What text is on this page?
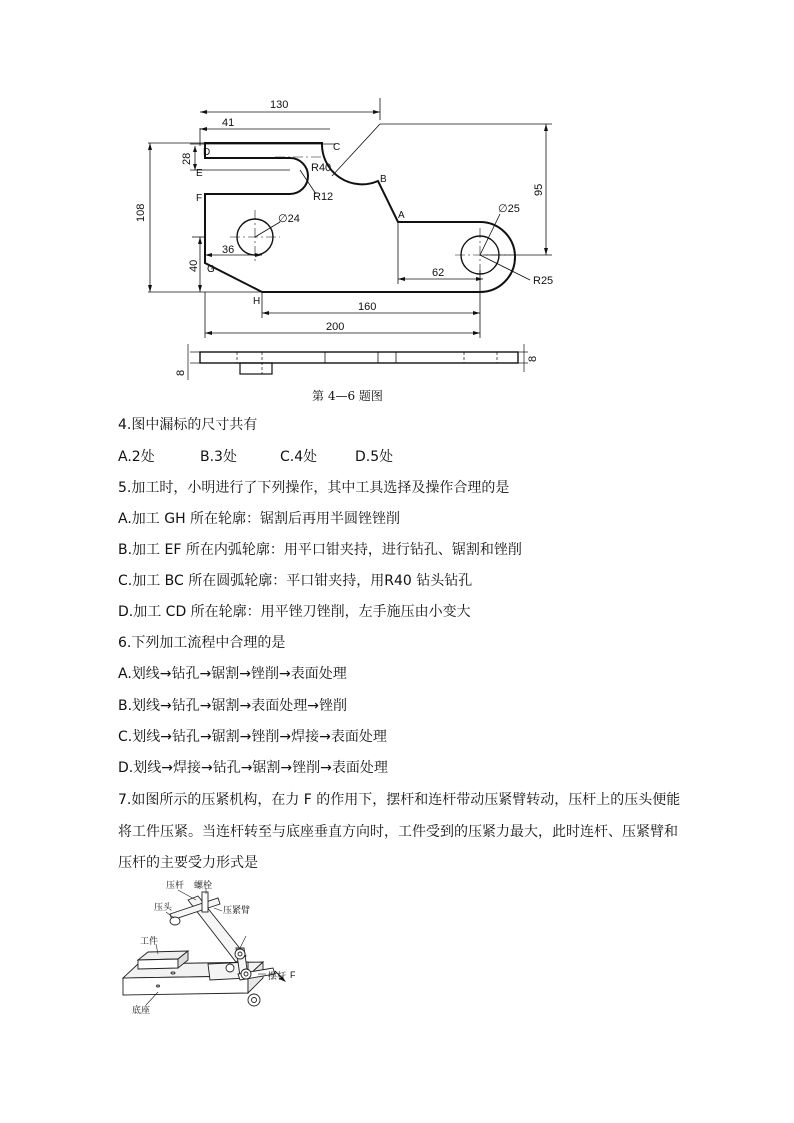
130
41
28
108
95
40
36
62
160
200
R40
R12
∅24
∅25
R25
A
B
C
D
E
F
G
H
8
8
第 4—6 题图
4.图中漏标的尺寸共有
A.2处	B.3处	C.4处	D.5处
5.加工时，小明进行了下列操作，其中工具选择及操作合理的是
A.加工 GH 所在轮廓：锯割后再用半圆锉锉削
B.加工 EF 所在内弧轮廓：用平口钳夹持，进行钻孔、锯割和锉削
C.加工 BC 所在圆弧轮廓：平口钳夹持，用R40 钻头钻孔
D.加工 CD 所在轮廓：用平锉刀锉削，左手施压由小变大
6.下列加工流程中合理的是
A.划线→钻孔→锯割→锉削→表面处理
B.划线→钻孔→锯割→表面处理→锉削
C.划线→钻孔→锯割→锉削→焊接→表面处理
D.划线→焊接→钻孔→锯割→锉削→表面处理
7.如图所示的压紧机构，在力 F 的作用下，摆杆和连杆带动压紧臂转动，压杆上的压头便能
将工件压紧。当连杆转至与底座垂直方向时，工件受到的压紧力最大，此时连杆、压紧臂和
压杆的主要受力形式是
压杆 螺栓
压头	压紧臂
工件
摆杆 F
底座
